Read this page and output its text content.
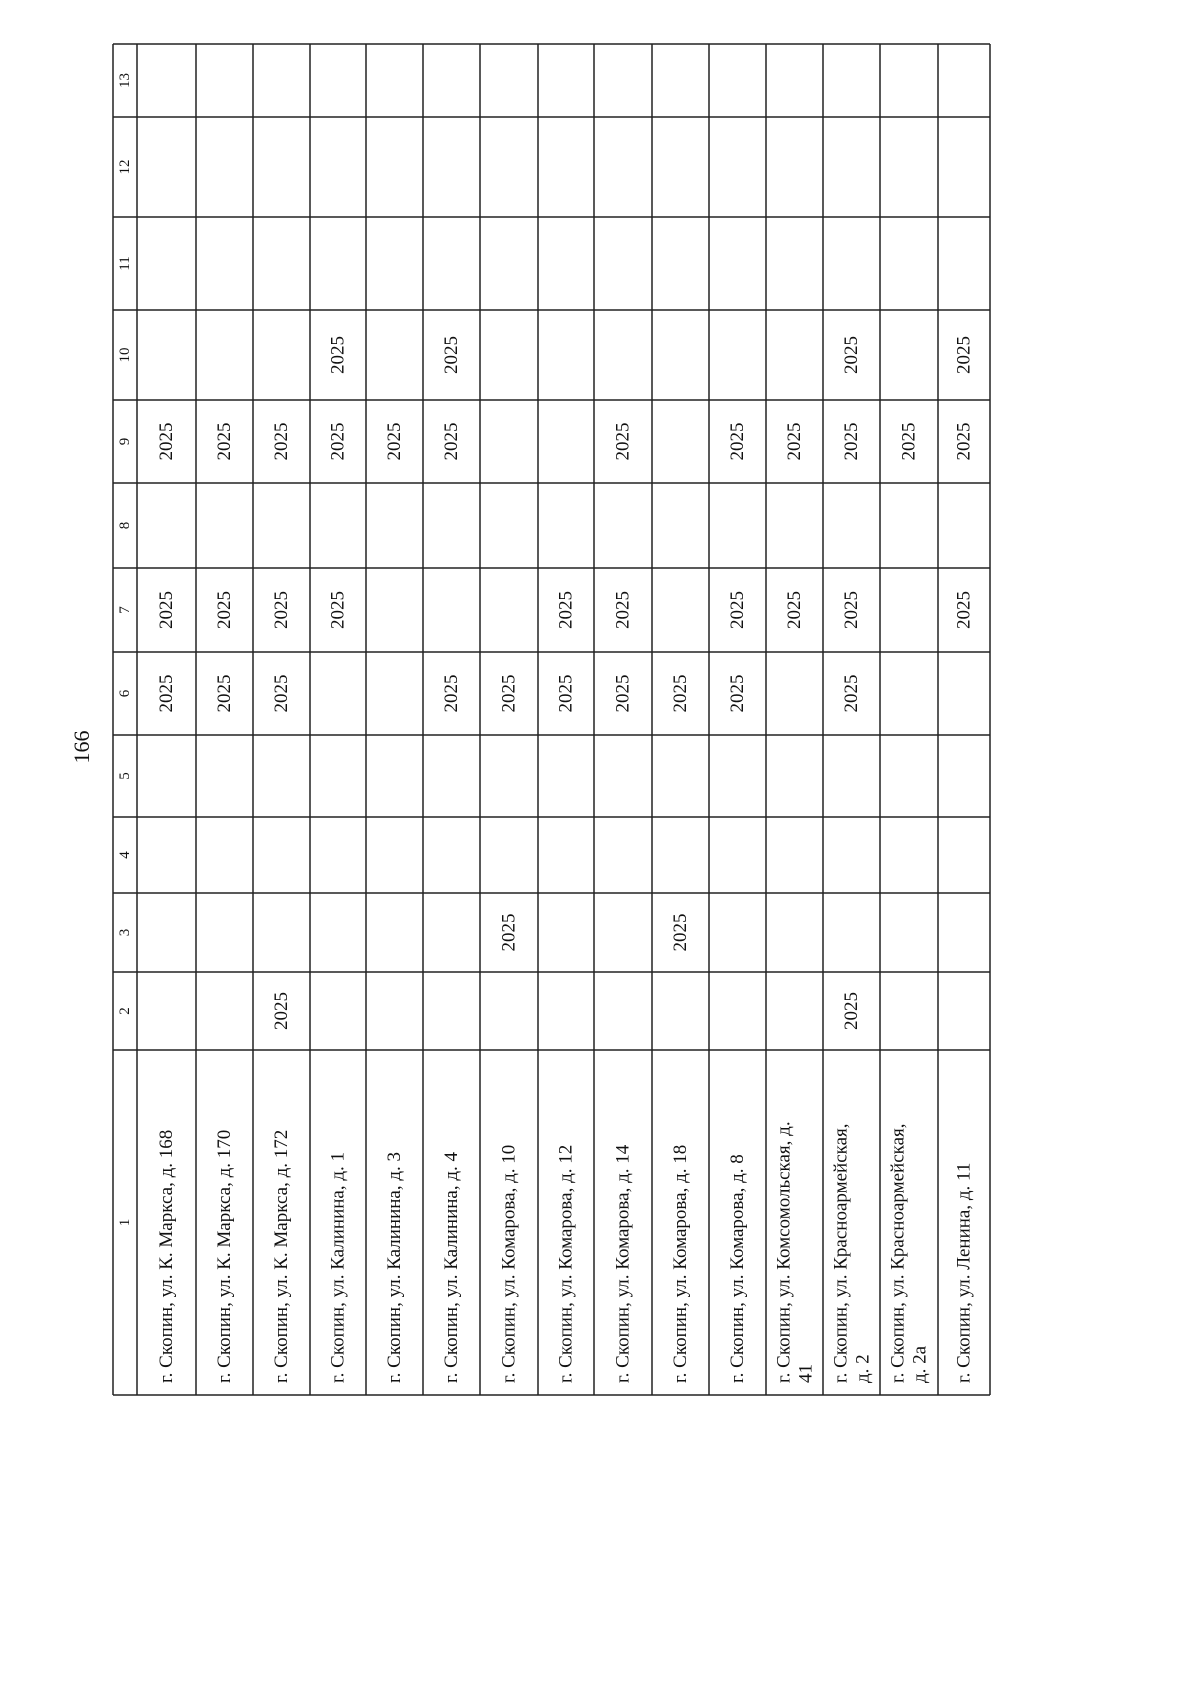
166
13
12
11
10
9
8
7
6
5
4
3
2
1
2025
2025
2025
г. Скопин, ул. К. Маркса, д. 168
2025
2025
2025
г. Скопин, ул. К. Маркса, д. 170
2025
2025
2025
2025
г. Скопин, ул. К. Маркса, д. 172
2025
2025
2025
г. Скопин, ул. Калинина, д. 1
2025
г. Скопин, ул. Калинина, д. 3
2025
2025
2025
г. Скопин, ул. Калинина, д. 4
2025
2025
г. Скопин, ул. Комарова, д. 10
2025
2025
г. Скопин, ул. Комарова, д. 12
2025
2025
2025
г. Скопин, ул. Комарова, д. 14
2025
2025
г. Скопин, ул. Комарова, д. 18
2025
2025
2025
г. Скопин, ул. Комарова, д. 8
2025
2025
г. Скопин, ул. Комсомольская, д. 41
2025
2025
2025
2025
2025
г. Скопин, ул. Красноармейская, д. 2
2025
г. Скопин, ул. Красноармейская, д. 2а
2025
2025
2025
г. Скопин, ул. Ленина, д. 11
